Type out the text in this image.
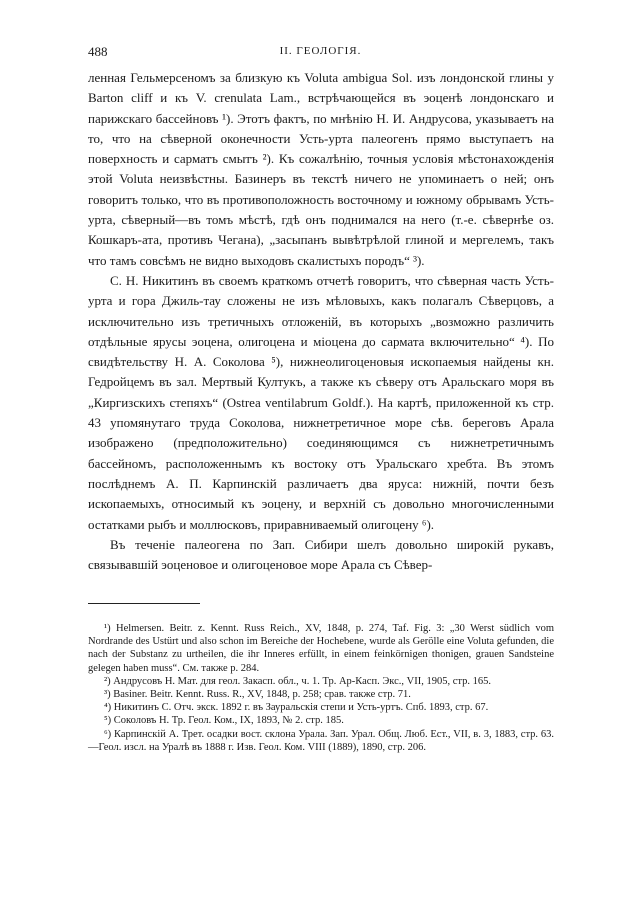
488	II. ГЕОЛОГІЯ.

ленная Гельмерсеномъ за близкую къ Voluta ambigua Sol. изъ лондонской глины у Barton cliff и къ V. crenulata Lam., встрѣчающейся въ эоценѣ лондонскаго и парижскаго бассейновъ ¹). Этотъ фактъ, по мнѣнію Н. И. Андрусова, указываетъ на то, что на сѣверной оконечности Усть-урта палеогенъ прямо выступаетъ на поверхность и сарматъ смытъ ²). Къ сожалѣнію, точныя условія мѣстонахожденія этой Voluta неизвѣстны. Базинеръ въ текстѣ ничего не упоминаетъ о ней; онъ говоритъ только, что въ противоположность восточному и южному обрывамъ Усть-урта, сѣверный—въ томъ мѣстѣ, гдѣ онъ поднимался на него (т.-е. сѣвернѣе оз. Кошкаръ-ата, противъ Чегана), „засыпанъ вывѣтрѣлой глиной и мергелемъ, такъ что тамъ совсѣмъ не видно выходовъ скалистыхъ породъ“ ³).

С. Н. Никитинъ въ своемъ краткомъ отчетѣ говоритъ, что сѣверная часть Усть-урта и гора Джиль-тау сложены не изъ мѣловыхъ, какъ полагалъ Сѣверцовъ, а исключительно изъ третичныхъ отложеній, въ которыхъ „возможно различить отдѣльные ярусы эоцена, олигоцена и міоцена до сармата включительно“ ⁴). По свидѣтельству Н. А. Соколова ⁵), нижнеолигоценовыя ископаемыя найдены кн. Гедройцемъ въ зал. Мертвый Култукъ, а также къ сѣверу отъ Аральскаго моря въ „Киргизскихъ степяхъ“ (Ostrea ventilabrum Goldf.). На картѣ, приложенной къ стр. 43 упомянутаго труда Соколова, нижнетретичное море сѣв. береговъ Арала изображено (предположительно) соединяющимся съ нижнетретичнымъ бассейномъ, расположеннымъ къ востоку отъ Уральскаго хребта. Въ этомъ послѣднемъ А. П. Карпинскій различаетъ два яруса: нижній, почти безъ ископаемыхъ, относимый къ эоцену, и верхній съ довольно многочисленными остатками рыбъ и моллюсковъ, приравниваемый олигоцену ⁶).

Въ теченіе палеогена по Зап. Сибири шелъ довольно широкій рукавъ, связывавшій эоценовое и олигоценовое море Арала съ Сѣвер-

¹) Helmersen. Beitr. z. Kennt. Russ Reich., XV, 1848, p. 274, Taf. Fig. 3: „30 Werst südlich vom Nordrande des Ustürt und also schon im Bereiche der Hochebene, wurde als Gerölle eine Voluta gefunden, die nach der Substanz zu urtheilen, die ihr Inneres erfüllt, in einem feinkörnigen thonigen, grauen Sandsteine gelegen haben muss“. См. также р. 284.

²) Андрусовъ Н. Мат. для геол. Закасп. обл., ч. 1. Тр. Ар-Касп. Экс., VII, 1905, стр. 165.

³) Basiner. Beitr. Kennt. Russ. R., XV, 1848, p. 258; срав. также стр. 71.

⁴) Никитинъ С. Отч. экск. 1892 г. въ Зауральскія степи и Усть-уртъ. Спб. 1893, стр. 67.

⁵) Соколовъ Н. Тр. Геол. Ком., IX, 1893, № 2. стр. 185.

⁶) Карпинскій А. Трет. осадки вост. склона Урала. Зап. Урал. Общ. Люб. Ест., VII, в. 3, 1883, стр. 63.—Геол. изсл. на Уралѣ въ 1888 г. Изв. Геол. Ком. VIII (1889), 1890, стр. 206.
